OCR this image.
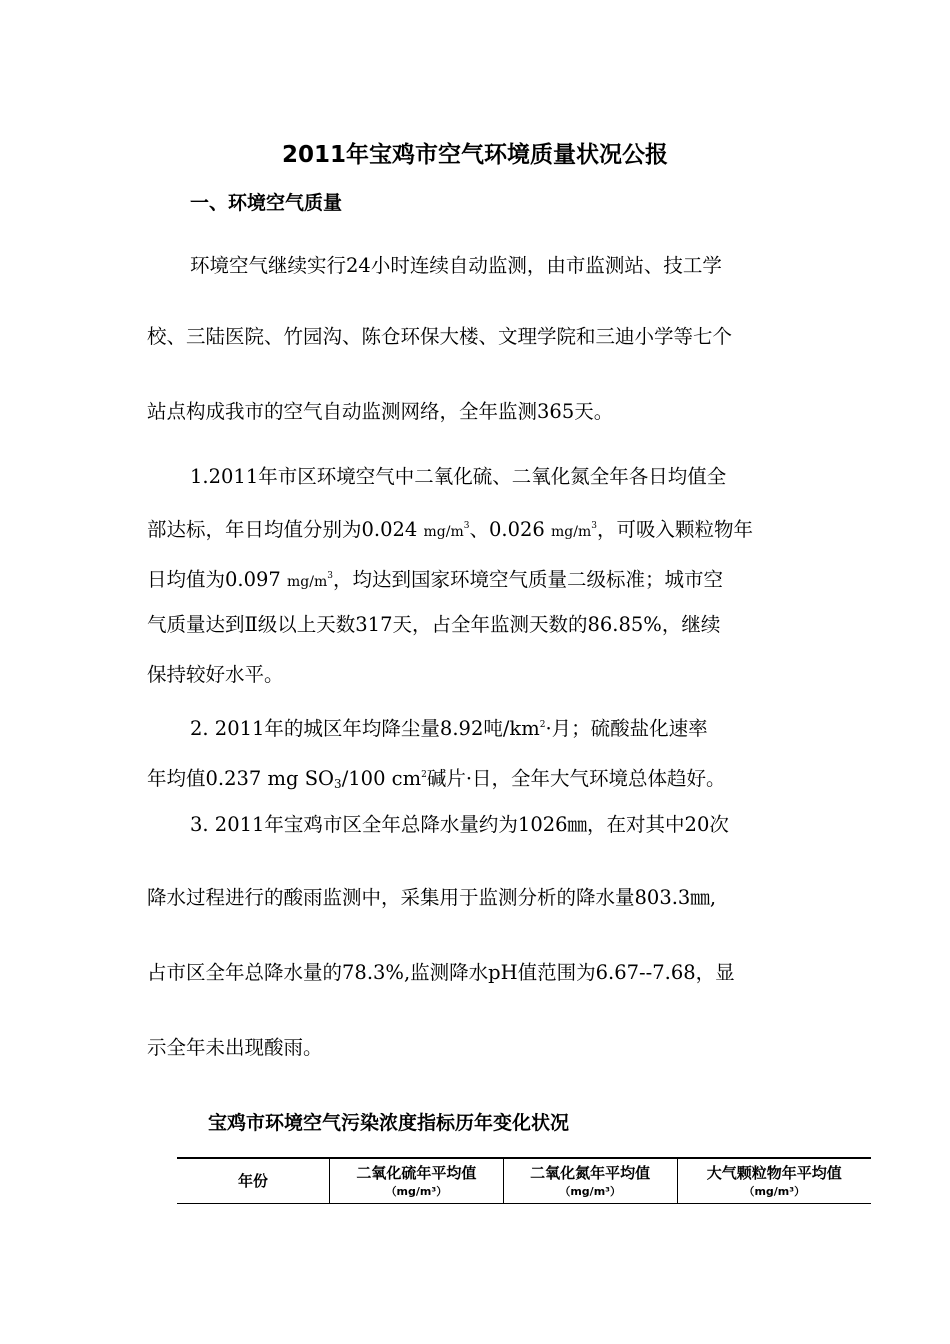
2011年宝鸡市空气环境质量状况公报
一、环境空气质量
环境空气继续实行24小时连续自动监测，由市监测站、技工学
校、三陆医院、竹园沟、陈仓环保大楼、文理学院和三迪小学等七个
站点构成我市的空气自动监测网络，全年监测365天。
1.2011年市区环境空气中二氧化硫、二氧化氮全年各日均值全
部达标，年日均值分别为0.024 $mg/m^3$、0.026 $mg/m^3$，可吸入颗粒物年
日均值为0.097 $mg/m^3$，均达到国家环境空气质量二级标准；城市空
气质量达到Ⅱ级以上天数317天，占全年监测天数的86.85%，继续
保持较好水平。
2. 2011年的城区年均降尘量8.92吨$/km^2\cdot$月；硫酸盐化速率
年均值0.237 mg $SO_3/100$ $cm^2$碱片·日，全年大气环境总体趋好。
3. 2011年宝鸡市区全年总降水量约为1026㎜，在对其中20次
降水过程进行的酸雨监测中，采集用于监测分析的降水量803.3㎜,
占市区全年总降水量的78.3%,监测降水pH值范围为6.67--7.68，显
示全年未出现酸雨。
宝鸡市环境空气污染浓度指标历年变化状况
年份	二氧化硫年平均值
（mg/m³）
	二氧化氮年平均值
（mg/m³）
	大气颗粒物年平均值
（mg/m³）
